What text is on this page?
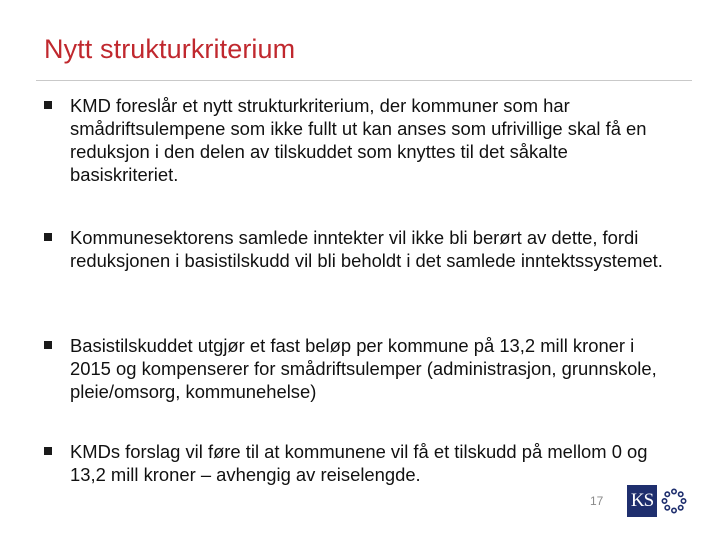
Nytt strukturkriterium
KMD foreslår et nytt strukturkriterium, der kommuner som har smådriftsulempene som ikke fullt ut kan anses som ufrivillige skal få en reduksjon i den delen av tilskuddet som knyttes til det såkalte basiskriteriet.
Kommunesektorens samlede inntekter vil ikke bli berørt av dette, fordi reduksjonen i basistilskudd vil bli beholdt i det samlede inntektssystemet.
Basistilskuddet utgjør et fast beløp per kommune på 13,2 mill kroner i 2015 og kompenserer for smådriftsulemper (administrasjon, grunnskole, pleie/omsorg, kommunehelse)
KMDs forslag vil føre til at kommunene vil få et tilskudd på mellom 0 og 13,2 mill kroner – avhengig av reiselengde.
17 KS
